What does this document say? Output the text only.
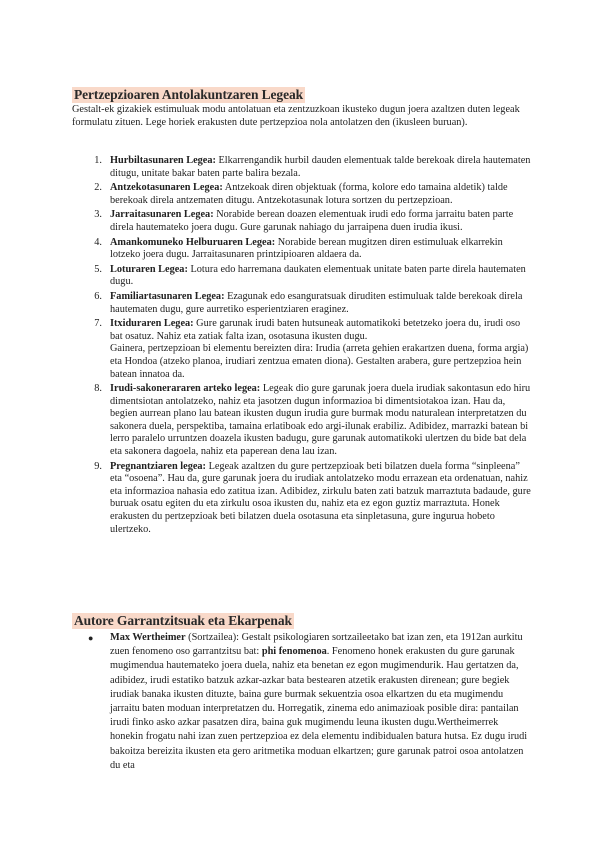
Pertzepzioaren Antolakuntzaren Legeak

Gestalt-ek gizakiek estimuluak modu antolatuan eta zentzuzkoan ikusteko dugun joera azaltzen duten legeak formulatu zituen. Lege horiek erakusten dute pertzepzioa nola antolatzen den (ikusleen buruan).

1. Hurbiltasunaren Legea: Elkarrengandik hurbil dauden elementuak talde berekoak direla hautematen ditugu, unitate bakar baten parte balira bezala.
2. Antzekotasunaren Legea: Antzekoak diren objektuak (forma, kolore edo tamaina aldetik) talde berekoak direla antzematen ditugu. Antzekotasunak lotura sortzen du pertzepzioan.
3. Jarraitasunaren Legea: Norabide berean doazen elementuak irudi edo forma jarraitu baten parte direla hautemateko joera dugu. Gure garunak nahiago du jarraipena duen irudia ikusi.
4. Amankomuneko Helburuaren Legea: Norabide berean mugitzen diren estimuluak elkarrekin lotzeko joera dugu. Jarraitasunaren printzipioaren aldaera da.
5. Loturaren Legea: Lotura edo harremana daukaten elementuak unitate baten parte direla hautematen dugu.
6. Familiartasunaren Legea: Ezagunak edo esanguratsuak diruditen estimuluak talde berekoak direla hautematen dugu, gure aurretiko esperientziaren eraginez.
7. Itxiduraren Legea: Gure garunak irudi baten hutsuneak automatikoki betetzeko joera du, irudi oso bat osatuz. Nahiz eta zatiak falta izan, osotasuna ikusten dugu.
Gainera, pertzepzioan bi elementu bereizten dira: Irudia (arreta gehien erakartzen duena, forma argia) eta Hondoa (atzeko planoa, irudiari zentzua ematen diona). Gestalten arabera, gure pertzepzioa hein batean innatoa da.
8. Irudi-sakonerararen arteko legea: Legeak dio gure garunak joera duela irudiak sakontasun edo hiru dimentsiotan antolatzeko, nahiz eta jasotzen dugun informazioa bi dimentsiotakoa izan. Hau da, begien aurrean plano lau batean ikusten dugun irudia gure burmak modu naturalean interpretatzen du sakonera duela, perspektiba, tamaina erlatiboak edo argi-ilunak erabiliz. Adibidez, marrazki batean bi lerro paralelo urruntzen doazela ikusten badugu, gure garunak automatikoki ulertzen du bide bat dela eta sakonera dagoela, nahiz eta paperean dena lau izan.
9. Pregnantziaren legea: Legeak azaltzen du gure pertzepzioak beti bilatzen duela forma “sinpleena” eta “osoena”. Hau da, gure garunak joera du irudiak antolatzeko modu errazean eta ordenatuan, nahiz eta informazioa nahasia edo zatitua izan. Adibidez, zirkulu baten zati batzuk marraztuta badaude, gure buruak osatu egiten du eta zirkulu osoa ikusten du, nahiz eta ez egon guztiz marraztuta. Honek erakusten du pertzepzioak beti bilatzen duela osotasuna eta sinpletasuna, gure ingurua hobeto ulertzeko.
Autore Garrantzitsuak eta Ekarpenak
● Max Wertheimer (Sortzailea): Gestalt psikologiaren sortzaileetako bat izan zen, eta 1912an aurkitu zuen fenomeno oso garrantzitsu bat: phi fenomenoa. Fenomeno honek erakusten du gure garunak mugimendua hautemateko joera duela, nahiz eta benetan ez egon mugimendurik. Hau gertatzen da, adibidez, irudi estatiko batzuk azkar-azkar bata bestearen atzetik erakusten direnean; gure begiek irudiak banaka ikusten dituzte, baina gure burmak sekuentzia osoa elkartzen du eta mugimendu jarraitu baten moduan interpretatzen du. Horregatik, zinema edo animazioak posible dira: pantailan irudi finko asko azkar pasatzen dira, baina guk mugimendu leuna ikusten dugu.Wertheimerrek honekin frogatu nahi izan zuen pertzepzioa ez dela elementu indibidualen batura hutsa. Ez dugu irudi bakoitza bereizita ikusten eta gero aritmetika moduan elkartzen; gure garunak patroi osoa antolatzen du eta
